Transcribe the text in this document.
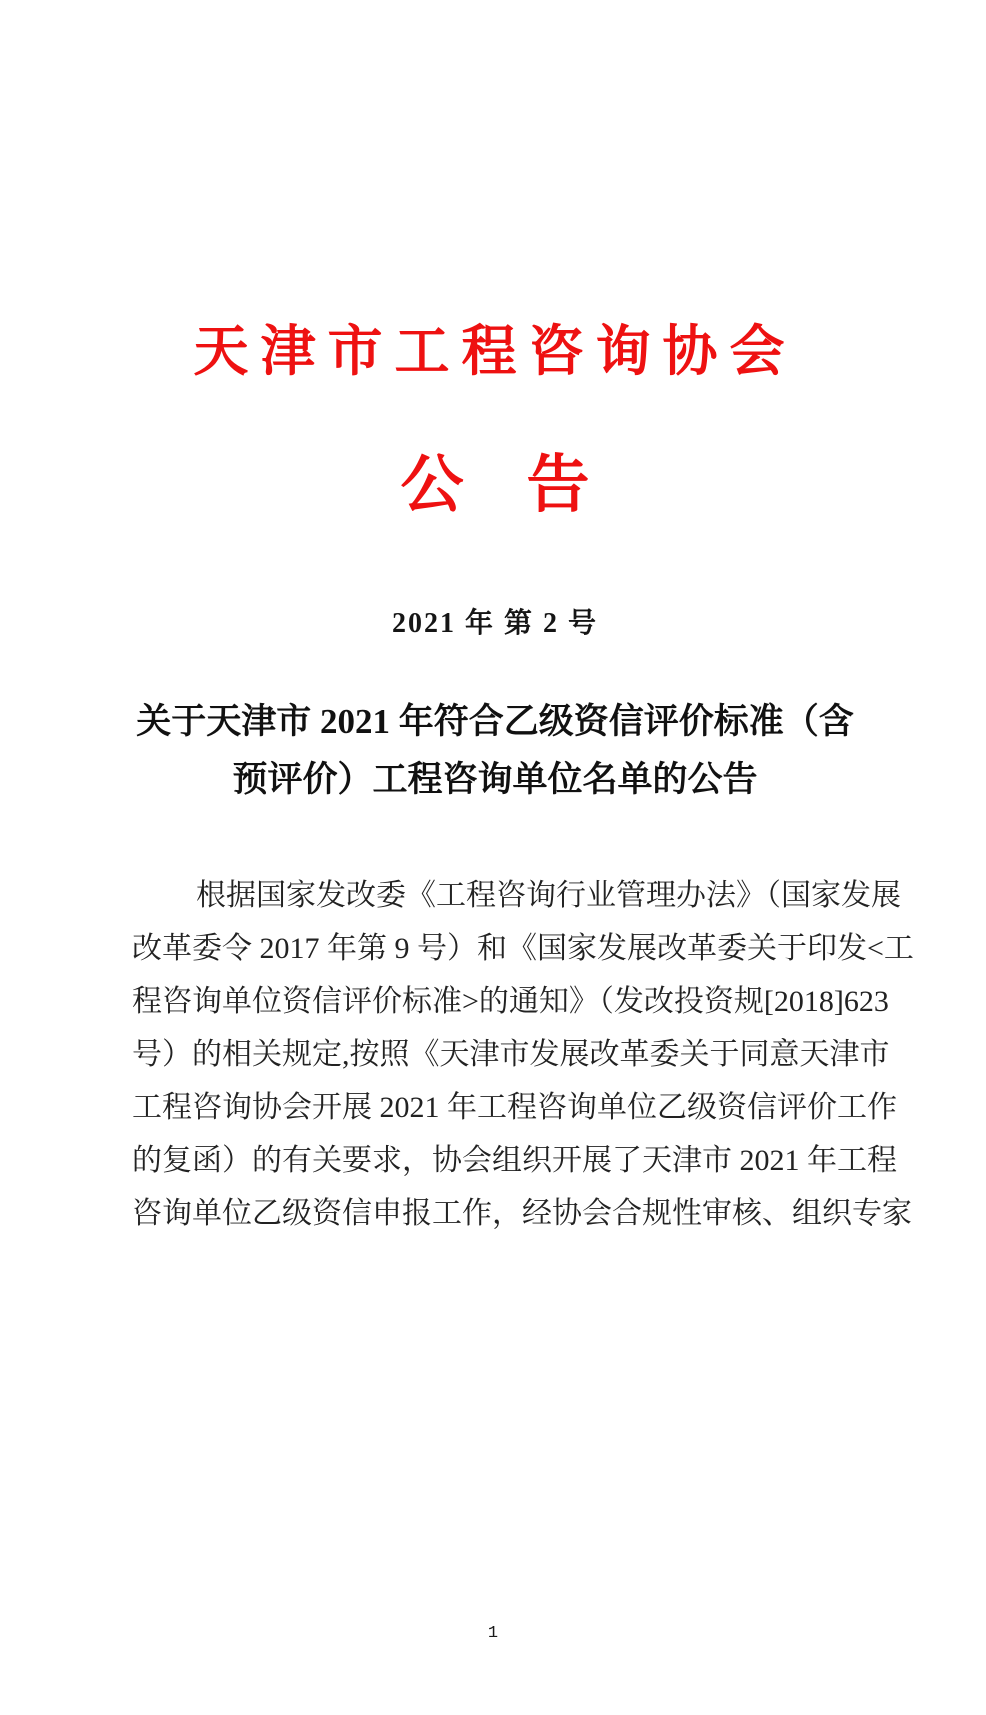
天津市工程咨询协会
公　告
2021 年 第 2 号
关于天津市 2021 年符合乙级资信评价标准（含
预评价）工程咨询单位名单的公告
根据国家发改委《工程咨询行业管理办法》（国家发展
改革委令 2017 年第 9 号）和《国家发展改革委关于印发<工
程咨询单位资信评价标准>的通知》（发改投资规[2018]623
号）的相关规定,按照《天津市发展改革委关于同意天津市
工程咨询协会开展 2021 年工程咨询单位乙级资信评价工作
的复函）的有关要求，协会组织开展了天津市 2021 年工程
咨询单位乙级资信申报工作，经协会合规性审核、组织专家
1
